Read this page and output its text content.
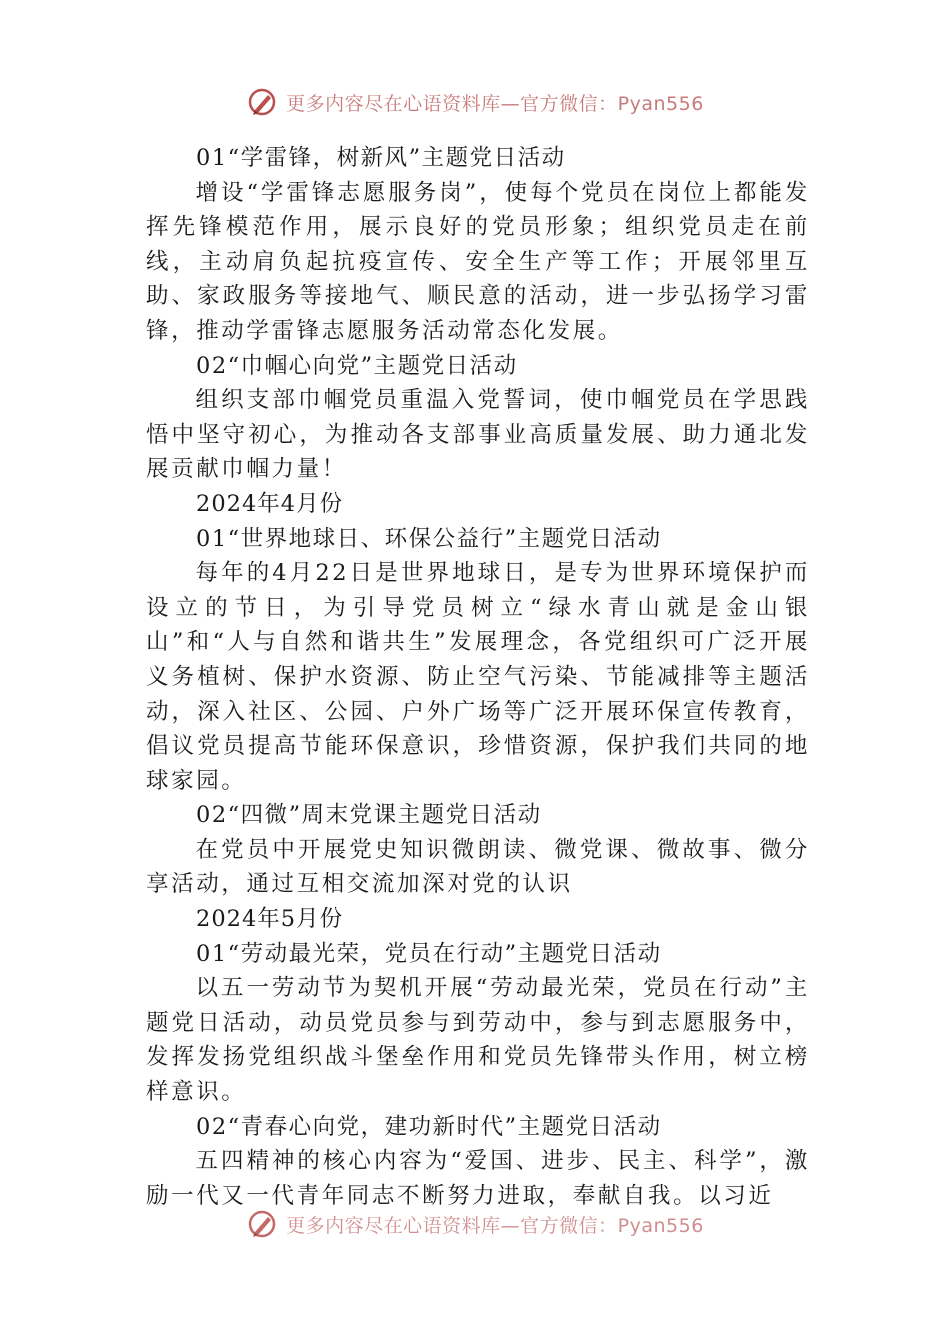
更多内容尽在心语资料库—官方微信：Pyan556

01“学雷锋，树新风”主题党日活动

增设“学雷锋志愿服务岗”，使每个党员在岗位上都能发挥先锋模范作用，展示良好的党员形象；组织党员走在前线，主动肩负起抗疫宣传、安全生产等工作；开展邻里互助、家政服务等接地气、顺民意的活动，进一步弘扬学习雷锋，推动学雷锋志愿服务活动常态化发展。

02“巾帼心向党”主题党日活动

组织支部巾帼党员重温入党誓词，使巾帼党员在学思践悟中坚守初心，为推动各支部事业高质量发展、助力通北发展贡献巾帼力量！

2024年4月份

01“世界地球日、环保公益行”主题党日活动

每年的4月22日是世界地球日，是专为世界环境保护而设立的节日，为引导党员树立“绿水青山就是金山银山”和“人与自然和谐共生”发展理念，各党组织可广泛开展义务植树、保护水资源、防止空气污染、节能减排等主题活动，深入社区、公园、户外广场等广泛开展环保宣传教育，倡议党员提高节能环保意识，珍惜资源，保护我们共同的地球家园。

02“四微”周末党课主题党日活动

在党员中开展党史知识微朗读、微党课、微故事、微分享活动，通过互相交流加深对党的认识

2024年5月份

01“劳动最光荣，党员在行动”主题党日活动

以五一劳动节为契机开展“劳动最光荣，党员在行动”主题党日活动，动员党员参与到劳动中，参与到志愿服务中，发挥发扬党组织战斗堡垒作用和党员先锋带头作用，树立榜样意识。

02“青春心向党，建功新时代”主题党日活动

五四精神的核心内容为“爱国、进步、民主、科学”，激励一代又一代青年同志不断努力进取，奉献自我。以习近

更多内容尽在心语资料库—官方微信：Pyan556
